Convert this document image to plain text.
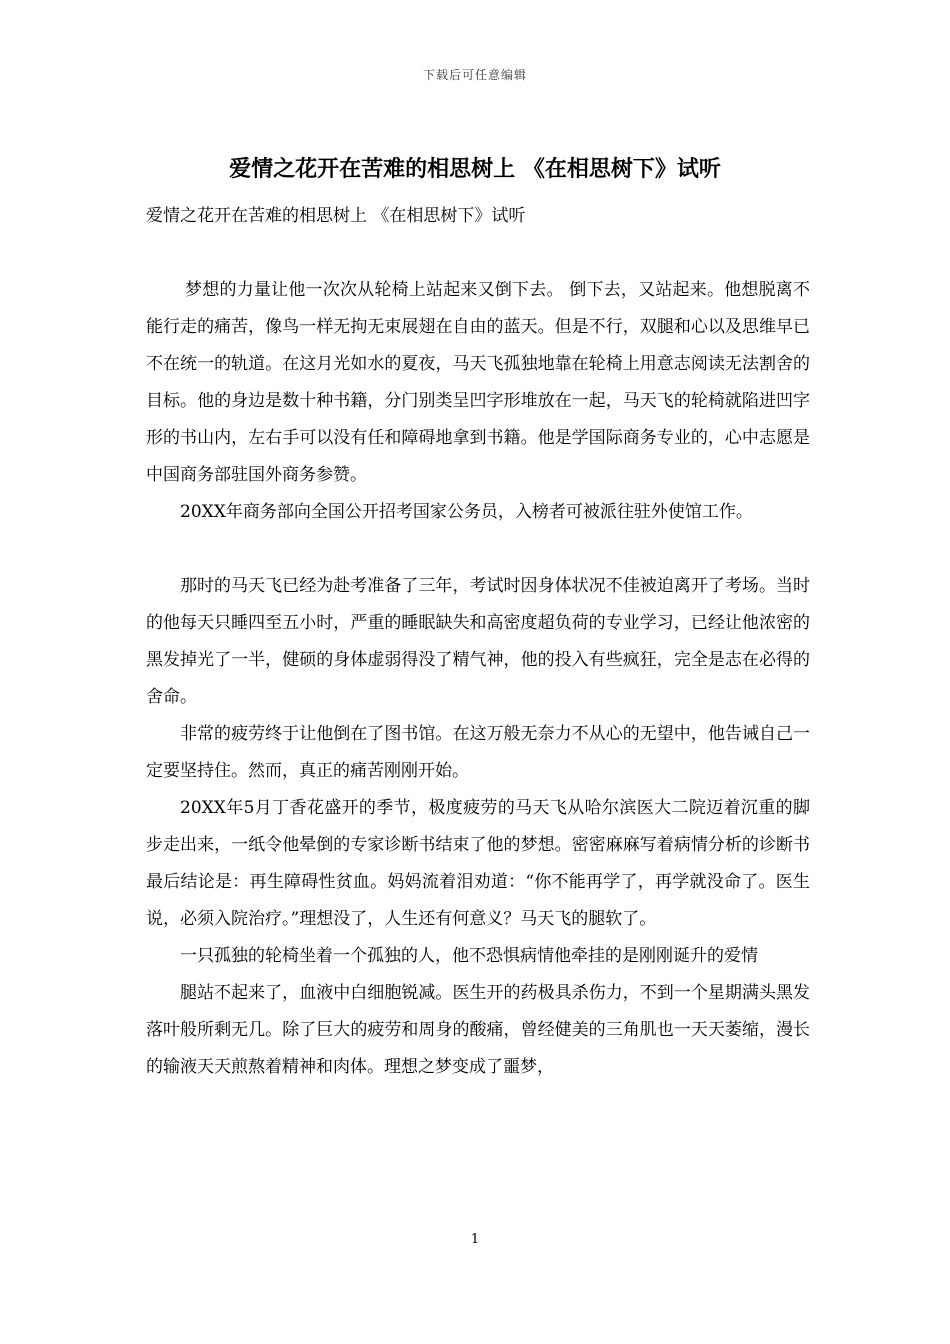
下载后可任意编辑
爱情之花开在苦难的相思树上 《在相思树下》试听

爱情之花开在苦难的相思树上 《在相思树下》试听

梦想的力量让他一次次从轮椅上站起来又倒下去。 倒下去，又站起来。他想脱离不能行走的痛苦，像鸟一样无拘无束展翅在自由的蓝天。但是不行，双腿和心以及思维早已不在统一的轨道。在这月光如水的夏夜，马天飞孤独地靠在轮椅上用意志阅读无法割舍的目标。他的身边是数十种书籍，分门别类呈凹字形堆放在一起，马天飞的轮椅就陷进凹字形的书山内，左右手可以没有任和障碍地拿到书籍。他是学国际商务专业的，心中志愿是中国商务部驻国外商务参赞。

20XX年商务部向全国公开招考国家公务员，入榜者可被派往驻外使馆工作。

那时的马天飞已经为赴考准备了三年，考试时因身体状况不佳被迫离开了考场。当时的他每天只睡四至五小时，严重的睡眠缺失和高密度超负荷的专业学习，已经让他浓密的黑发掉光了一半，健硕的身体虚弱得没了精气神，他的投入有些疯狂，完全是志在必得的舍命。

非常的疲劳终于让他倒在了图书馆。在这万般无奈力不从心的无望中，他告诫自己一定要坚持住。然而，真正的痛苦刚刚开始。

20XX年5月丁香花盛开的季节，极度疲劳的马天飞从哈尔滨医大二院迈着沉重的脚步走出来，一纸令他晕倒的专家诊断书结束了他的梦想。密密麻麻写着病情分析的诊断书最后结论是：再生障碍性贫血。妈妈流着泪劝道：“你不能再学了，再学就没命了。医生说，必须入院治疗。”理想没了，人生还有何意义？马天飞的腿软了。

一只孤独的轮椅坐着一个孤独的人，他不恐惧病情他牵挂的是刚刚诞升的爱情

腿站不起来了，血液中白细胞锐减。医生开的药极具杀伤力，不到一个星期满头黑发落叶般所剩无几。除了巨大的疲劳和周身的酸痛，曾经健美的三角肌也一天天萎缩，漫长的输液天天煎熬着精神和肉体。理想之梦变成了噩梦，

1
